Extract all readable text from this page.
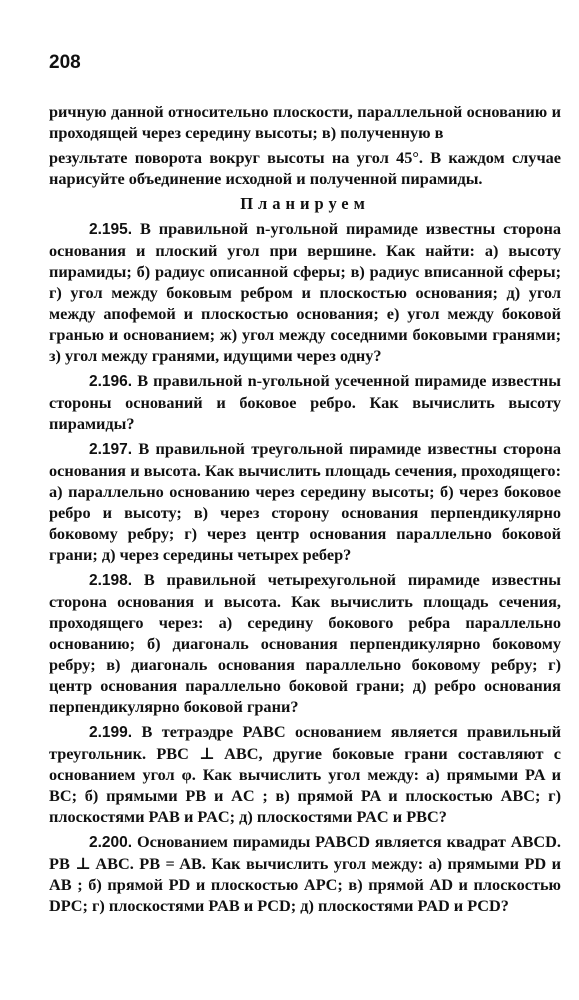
208

ричную данной относительно плоскости, параллельной основанию и проходящей через середину высоты; в) полученную в

результате поворота вокруг высоты на угол 45°. В каждом случае нарисуйте объединение исходной и полученной пирамиды.

Планируем

2.195. В правильной n-угольной пирамиде известны сторона основания и плоский угол при вершине. Как найти: а) высоту пирамиды; б) радиус описанной сферы; в) радиус вписанной сферы; г) угол между боковым ребром и плоскостью основания; д) угол между апофемой и плоскостью основания; е) угол между боковой гранью и основанием; ж) угол между соседними боковыми гранями; з) угол между гранями, идущими через одну?

2.196. В правильной n-угольной усеченной пирамиде известны стороны оснований и боковое ребро. Как вычислить высоту пирамиды?

2.197. В правильной треугольной пирамиде известны сторона основания и высота. Как вычислить площадь сечения, проходящего: а) параллельно основанию через середину высоты; б) через боковое ребро и высоту; в) через сторону основания перпендикулярно боковому ребру; г) через центр основания параллельно боковой грани; д) через середины четырех ребер?

2.198. В правильной четырехугольной пирамиде известны сторона основания и высота. Как вычислить площадь сечения, проходящего через: а) середину бокового ребра параллельно основанию; б) диагональ основания перпендикулярно боковому ребру; в) диагональ основания параллельно боковому ребру; г) центр основания параллельно боковой грани; д) ребро основания перпендикулярно боковой грани?

2.199. В тетраэдре PABC основанием является правильный треугольник. PBC ⊥ ABC, другие боковые грани составляют с основанием угол φ. Как вычислить угол между: а) прямыми PA и BC; б) прямыми PB и AC ; в) прямой PA и плоскостью ABC; г) плоскостями PAB и PAC; д) плоскостями PAC и PBC?

2.200. Основанием пирамиды PABCD является квадрат ABCD. PB ⊥ ABC. PB = AB. Как вычислить угол между: а) прямыми PD и AB ; б) прямой PD и плоскостью APC; в) прямой AD и плоскостью DPC; г) плоскостями PAB и PCD; д) плоскостями PAD и PCD?
